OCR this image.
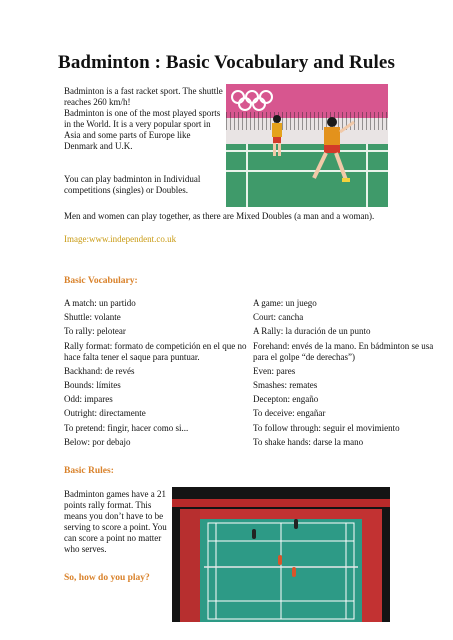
Badminton : Basic Vocabulary and Rules

Badminton is a fast racket sport. The shuttle reaches 260 km/h!

Badminton is one of the most played sports in the World. It is a very popular sport in Asia and some parts of Europe like Denmark and U.K.

You can play badminton in Individual competitions (singles) or Doubles.

Men and women can play together, as there are Mixed Doubles (a man and a woman).
Image:www.independent.co.uk
Basic Vocabulary:
A match: un partido
Shuttle: volante
To rally: pelotear
Rally format: formato de competición en el que no hace falta tener el saque para puntuar.
Backhand: de revés
Bounds: límites
Odd: impares
Outright: directamente
To pretend: fingir, hacer como si...
Below: por debajo
A game: un juego
Court: cancha
A Rally: la duración de un punto
Forehand: envés de la mano. En bádminton se usa para el golpe “de derechas”)
Even: pares
Smashes: remates
Decepton: engaño
To deceive: engañar
To follow through: seguir el movimiento
To shake hands: darse la mano
Basic Rules:

Badminton games have a 21 points rally format. This means you don’t have to be serving to score a point. You can score a point no matter who serves.

So, how do you play?
